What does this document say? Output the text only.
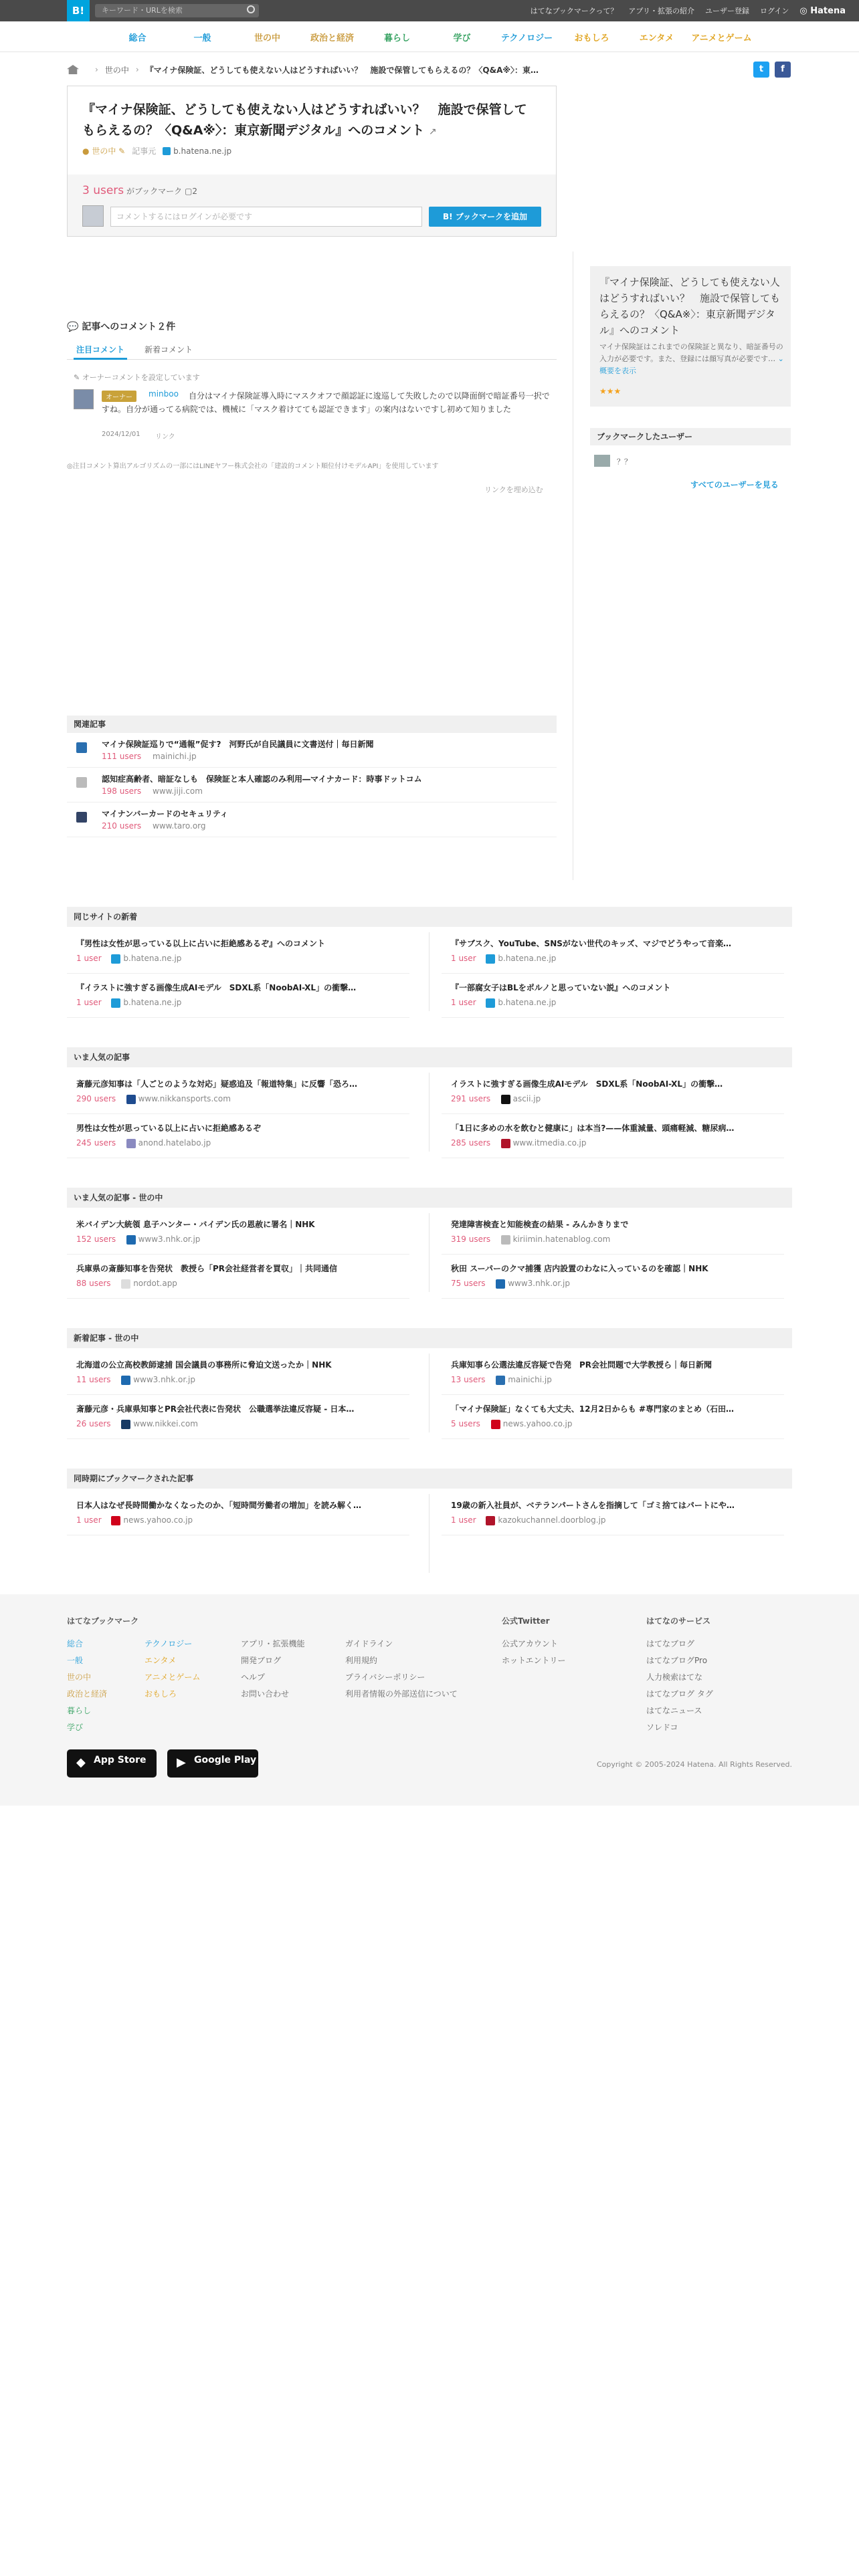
B!	キーワード・URLを検索	はてなブックマークって？ アプリ・拡張の紹介 ユーザー登録 ログイン ◎ Hatena
総合	一般	世の中	政治と経済	暮らし	学び	テクノロジー	おもしろ	エンタメ	アニメとゲーム
› 世の中 › 『マイナ保険証、どうしても使えない人はどうすればいい？　施設で保管してもらえるの？〈Q&A※〉：東…	t	f
『マイナ保険証、どうしても使えない人はどうすればいい？　施設で保管してもらえるの？〈Q&A※〉：東京新聞デジタル』へのコメント ↗
● 世の中 ✎ 記事元	b.hatena.ne.jp
3 users がブックマーク ▢2
コメントするにはログインが必要です	B! ブックマークを追加
『マイナ保険証、どうしても使えない人はどうすればいい？　施設で保管してもらえるの？〈Q&A※〉：東京新聞デジタル』へのコメント

マイナ保険証はこれまでの保険証と異なり、暗証番号の入力が必要です。また、登録には顔写真が必要です… ⌄ 概要を表示

★★★
ブックマークしたユーザー
？？
すべてのユーザーを見る
💬 記事へのコメント２件
注目コメント	新着コメント
✎ オーナーコメントを設定しています
オーナー	minboo	自分はマイナ保険証導入時にマスクオフで顔認証に逡巡して失敗したので以降面倒で暗証番号一択ですね。自分が通ってる病院では、機械に「マスク着けてても認証できます」の案内はないですし初めて知りました
2024/12/01 リンク
◎注目コメント算出アルゴリズムの一部にはLINEヤフー株式会社の「建設的コメント順位付けモデルAPI」を使用しています
リンクを埋め込む
関連記事
マイナ保険証巡りで“通報”促す?　河野氏が自民議員に文書送付｜毎日新聞
111 users mainichi.jp
認知症高齢者、暗証なしも　保険証と本人確認のみ利用―マイナカード：時事ドットコム
198 users www.jiji.com
マイナンバーカードのセキュリティ
210 users www.taro.org
同じサイトの新着
『男性は女性が思っている以上に占いに拒絶感あるぞ』へのコメント
1 user	b.hatena.ne.jp
『サブスク、YouTube、SNSがない世代のキッズ、マジでどうやって音楽…
1 user	b.hatena.ne.jp
『イラストに強すぎる画像生成AIモデル　SDXL系「NoobAI-XL」の衝撃…
1 user	b.hatena.ne.jp
『一部腐女子はBLをポルノと思っていない説』へのコメント
1 user	b.hatena.ne.jp
いま人気の記事
斎藤元彦知事は「人ごとのような対応」疑惑追及「報道特集」に反響「恐ろ…
290 users	www.nikkansports.com
イラストに強すぎる画像生成AIモデル　SDXL系「NoobAI-XL」の衝撃…
291 users	ascii.jp
男性は女性が思っている以上に占いに拒絶感あるぞ
245 users	anond.hatelabo.jp
「1日に多めの水を飲むと健康に」は本当?——体重減量、頭痛軽減、糖尿病…
285 users	www.itmedia.co.jp
いま人気の記事 - 世の中
米バイデン大統領 息子ハンター・バイデン氏の恩赦に署名｜NHK
152 users	www3.nhk.or.jp
発達障害検査と知能検査の結果 - みんかきりまで
319 users	kiriimin.hatenablog.com
兵庫県の斎藤知事を告発状　教授ら「PR会社経営者を買収」｜共同通信
88 users	nordot.app
秋田 スーパーのクマ捕獲 店内設置のわなに入っているのを確認｜NHK
75 users	www3.nhk.or.jp
新着記事 - 世の中
北海道の公立高校教師逮捕 国会議員の事務所に脅迫文送ったか｜NHK
11 users	www3.nhk.or.jp
兵庫知事ら公選法違反容疑で告発　PR会社問題で大学教授ら｜毎日新聞
13 users	mainichi.jp
斎藤元彦・兵庫県知事とPR会社代表に告発状　公職選挙法違反容疑 - 日本…
26 users	www.nikkei.com
「マイナ保険証」なくても大丈夫、12月2日からも #専門家のまとめ（石田…
5 users	news.yahoo.co.jp
同時期にブックマークされた記事
日本人はなぜ長時間働かなくなったのか、「短時間労働者の増加」を読み解く…
1 user	news.yahoo.co.jp
19歳の新入社員が、ベテランパートさんを指摘して「ゴミ捨てはパートにや…
1 user	kazokuchannel.doorblog.jp
はてなブックマーク
総合
一般
世の中
政治と経済
暮らし
学び
テクノロジー
エンタメ
アニメとゲーム
おもしろ
アプリ・拡張機能
開発ブログ
ヘルプ
お問い合わせ
ガイドライン
利用規約
プライバシーポリシー
利用者情報の外部送信について
公式Twitter
公式アカウント
ホットエントリー
はてなのサービス
はてなブログ
はてなブログPro
人力検索はてな
はてなブログ タグ
はてなニュース
ソレドコ
◆ App Store	▶ Google Play	Copyright © 2005-2024 Hatena. All Rights Reserved.
